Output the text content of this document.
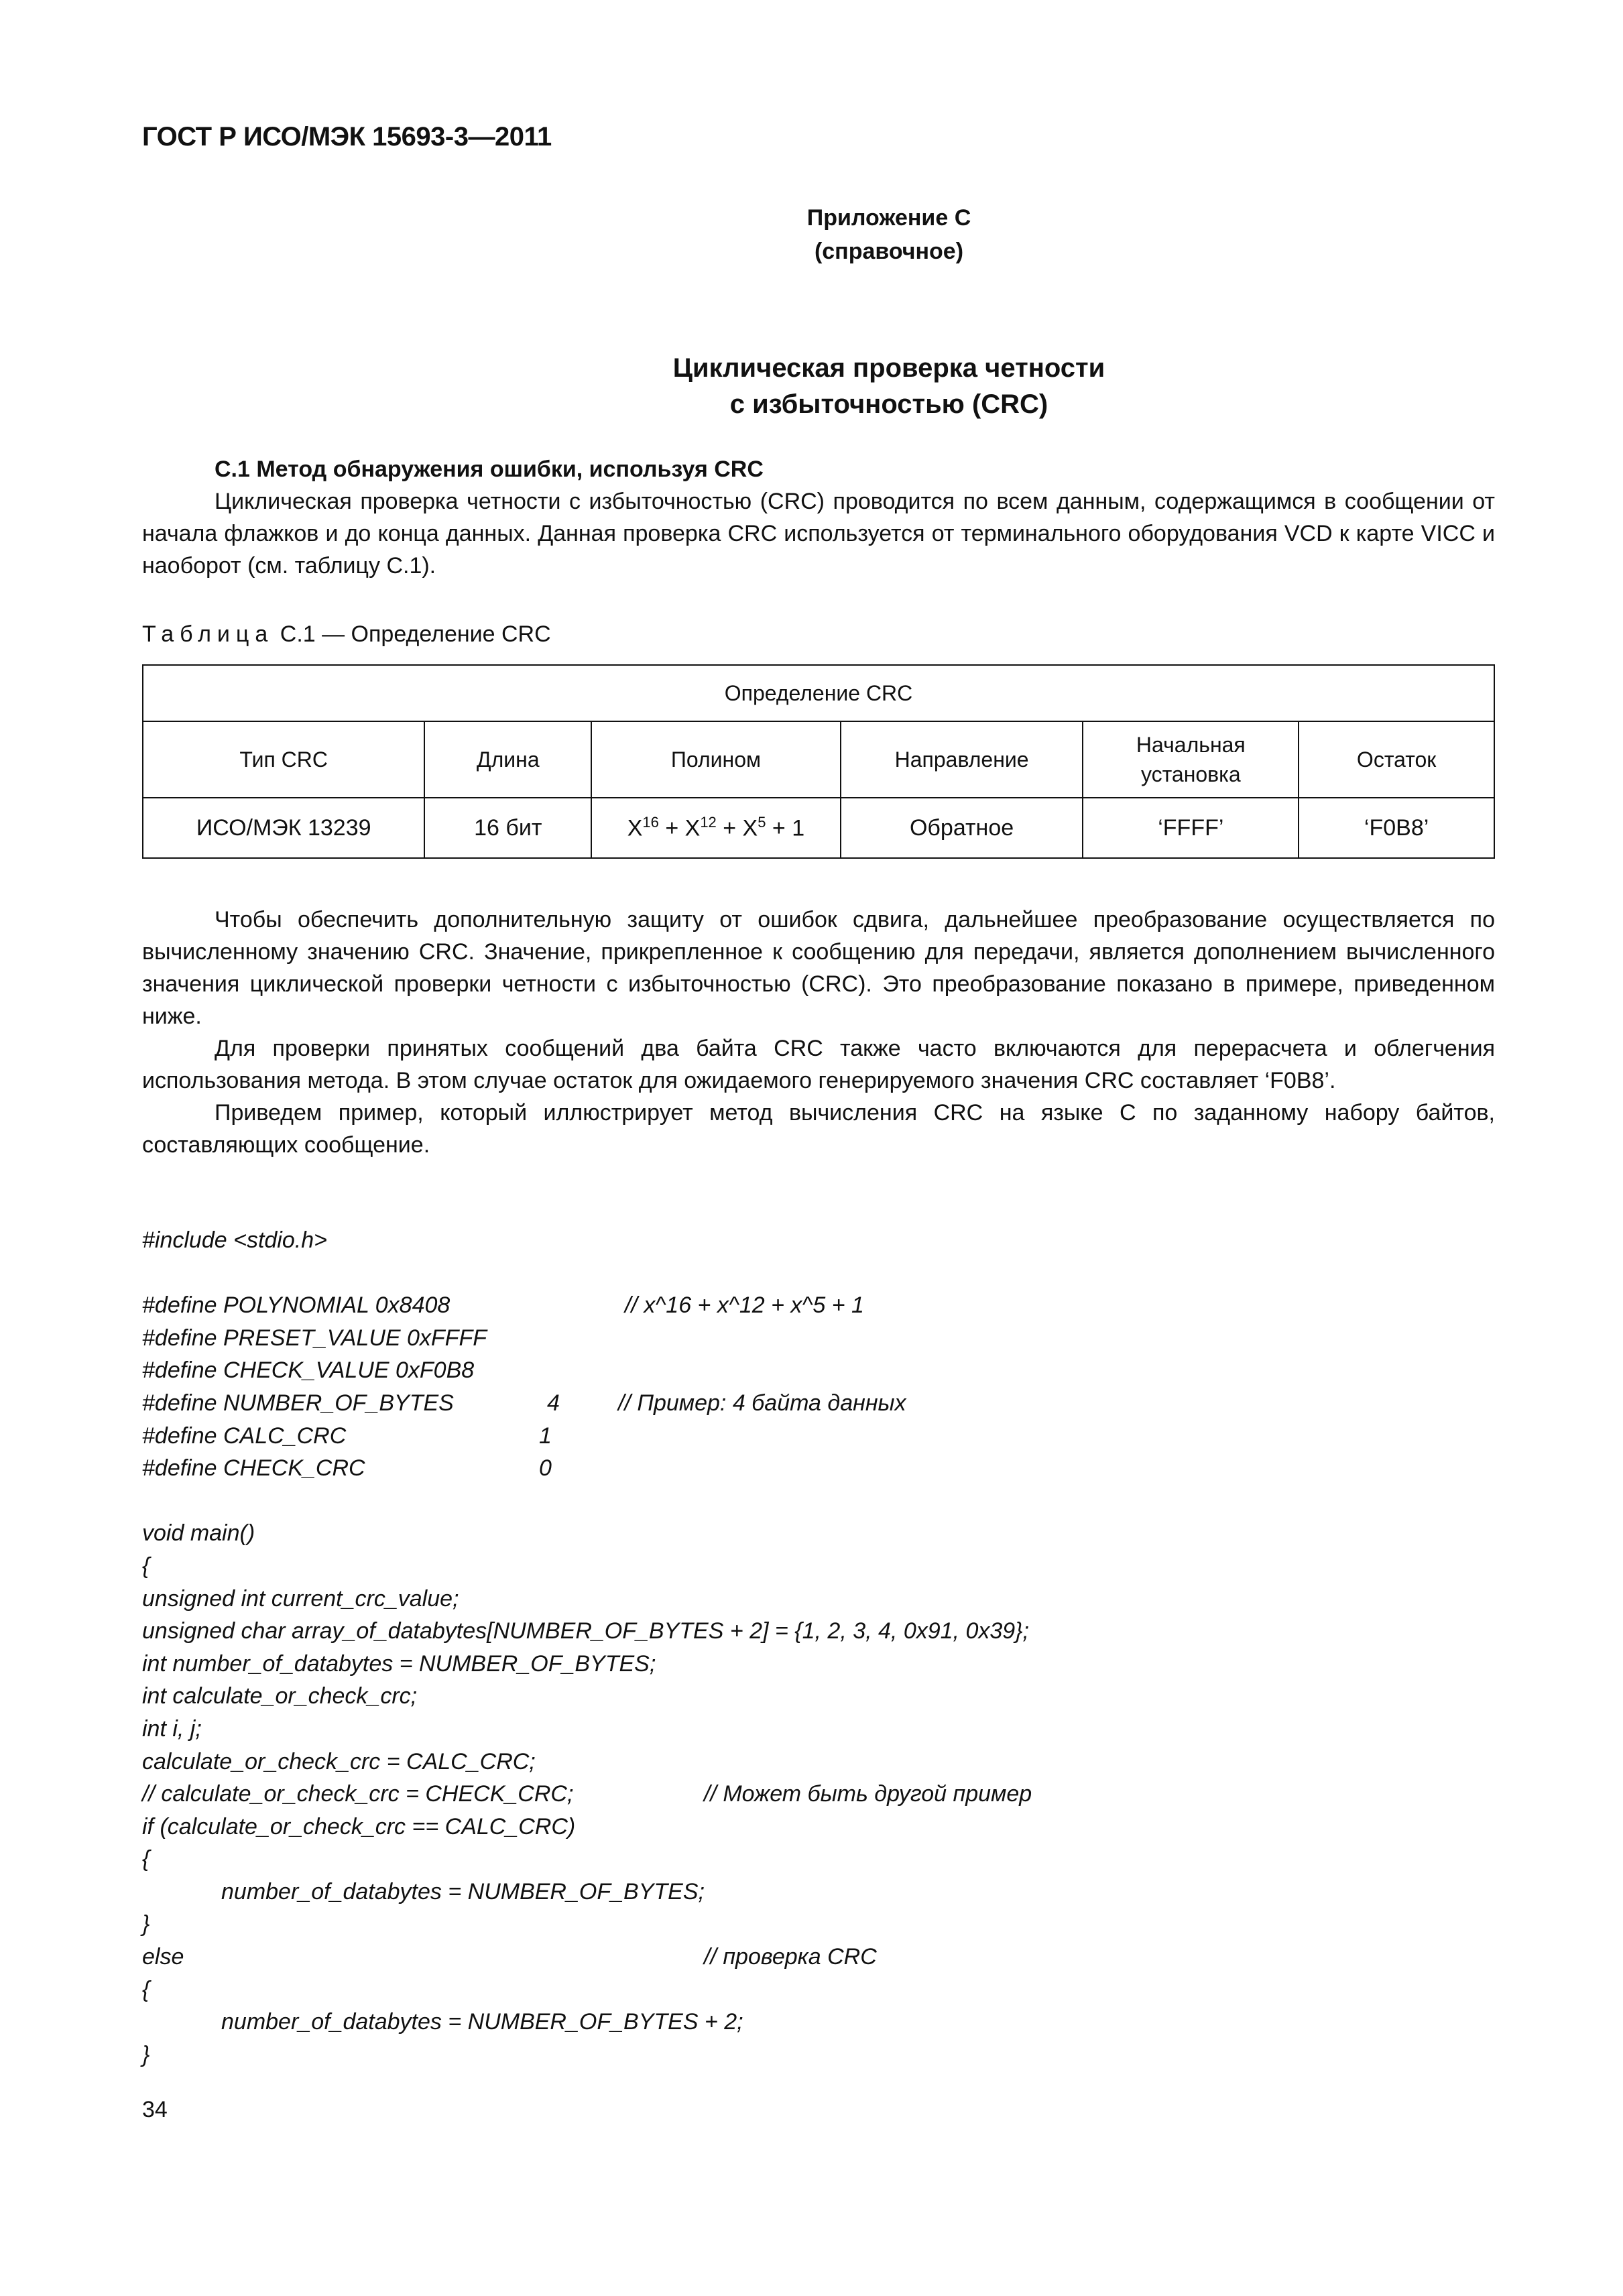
ГОСТ Р ИСО/МЭК 15693-3—2011
Приложение С
(справочное)
Циклическая проверка четности
с избыточностью (CRC)

С.1 Метод обнаружения ошибки, используя CRC

Циклическая проверка четности с избыточностью (CRC) проводится по всем данным, содержащимся в сообщении от начала флажков и до конца данных. Данная проверка CRC используется от терминального оборудования VCD к карте VICC и наоборот (см. таблицу С.1).

Таблица С.1 — Определение CRC
Определение CRC					
Тип CRC	Длина	Полином	Направление	Начальная установка	Остаток
ИСО/МЭК 13239	16 бит	$X^{16} + X^{12} + X^5 + 1$	Обратное	‘FFFF’	‘F0B8’

Чтобы обеспечить дополнительную защиту от ошибок сдвига, дальнейшее преобразование осуществляется по вычисленному значению CRC. Значение, прикрепленное к сообщению для передачи, является дополнением вычисленного значения циклической проверки четности с избыточностью (CRC). Это преобразование показано в примере, приведенном ниже.

Для проверки принятых сообщений два байта CRC также часто включаются для перерасчета и облегчения использования метода. В этом случае остаток для ожидаемого генерируемого значения CRC составляет ‘F0B8’.

Приведем пример, который иллюстрирует метод вычисления CRC на языке С по заданному набору байтов, составляющих сообщение.

#include <stdio.h>
#define POLYNOMIAL 0x8408	// x^16 + x^12 + x^5 + 1
#define PRESET_VALUE 0xFFFF
#define CHECK_VALUE 0xF0B8
#define NUMBER_OF_BYTES	4	// Пример: 4 байта данных
#define CALC_CRC	1
#define CHECK_CRC	0
void main()
{
unsigned int current_crc_value;
unsigned char array_of_databytes[NUMBER_OF_BYTES + 2] = {1, 2, 3, 4, 0x91, 0x39};
int number_of_databytes = NUMBER_OF_BYTES;
int calculate_or_check_crc;
int i, j;
calculate_or_check_crc = CALC_CRC;
// calculate_or_check_crc = CHECK_CRC;	// Может быть другой пример
if (calculate_or_check_crc == CALC_CRC)
{
number_of_databytes = NUMBER_OF_BYTES;
}
else	// проверка CRC
{
number_of_databytes = NUMBER_OF_BYTES + 2;
}
34
